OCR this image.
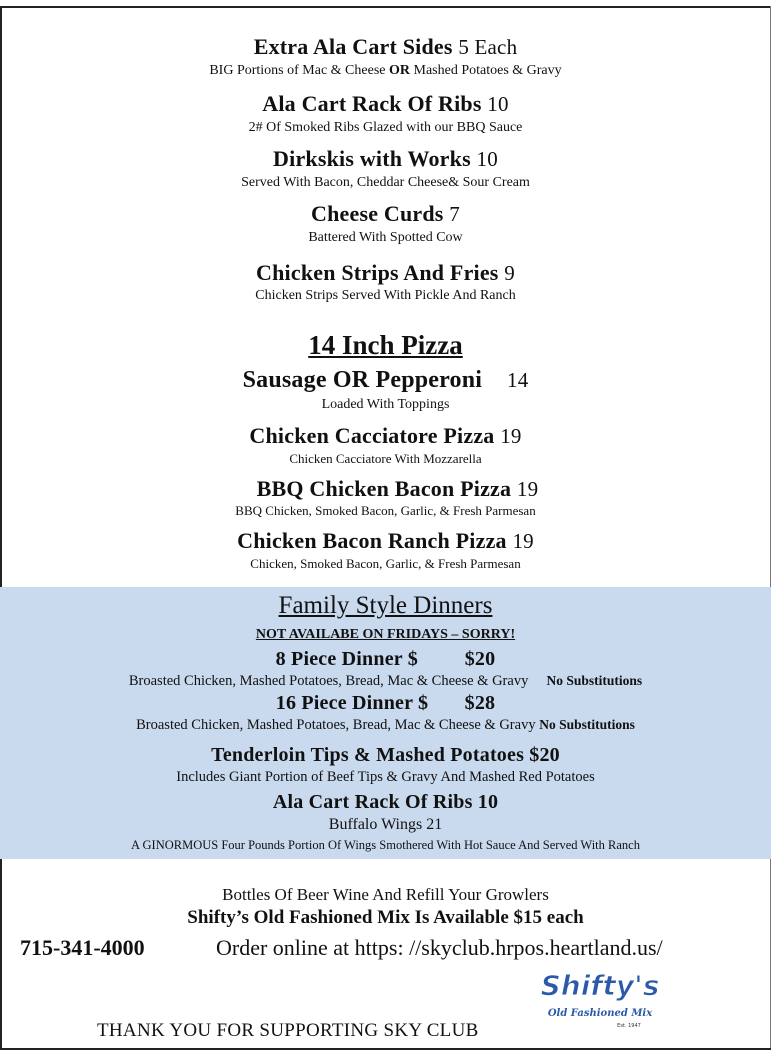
Extra Ala Cart Sides 5 Each
BIG Portions of Mac & Cheese OR Mashed Potatoes & Gravy
Ala Cart Rack Of Ribs 10
2# Of Smoked Ribs Glazed with our BBQ Sauce
Dirkskis with Works 10
Served With Bacon, Cheddar Cheese& Sour Cream
Cheese Curds 7
Battered With Spotted Cow
Chicken Strips And Fries 9
Chicken Strips Served With Pickle And Ranch
14 Inch Pizza
Sausage OR Pepperoni 14
Loaded With Toppings
Chicken Cacciatore Pizza 19
Chicken Cacciatore With Mozzarella
BBQ Chicken Bacon Pizza 19
BBQ Chicken, Smoked Bacon, Garlic, & Fresh Parmesan
Chicken Bacon Ranch Pizza 19
Chicken, Smoked Bacon, Garlic, & Fresh Parmesan
Family Style Dinners
NOT AVAILABE ON FRIDAYS – SORRY!
8 Piece Dinner $ $20
Broasted Chicken, Mashed Potatoes, Bread, Mac & Cheese & Gravy No Substitutions
16 Piece Dinner $ $28
Broasted Chicken, Mashed Potatoes, Bread, Mac & Cheese & Gravy No Substitutions
Tenderloin Tips & Mashed Potatoes $20
Includes Giant Portion of Beef Tips & Gravy And Mashed Red Potatoes
Ala Cart Rack Of Ribs 10
Buffalo Wings 21
A GINORMOUS Four Pounds Portion Of Wings Smothered With Hot Sauce And Served With Ranch
Bottles Of Beer Wine And Refill Your Growlers
Shifty’s Old Fashioned Mix Is Available $15 each
715-341-4000	Order online at https: //skyclub.hrpos.heartland.us/
Shifty's
Old Fashioned Mix
Est. 1947
THANK YOU FOR SUPPORTING SKY CLUB
